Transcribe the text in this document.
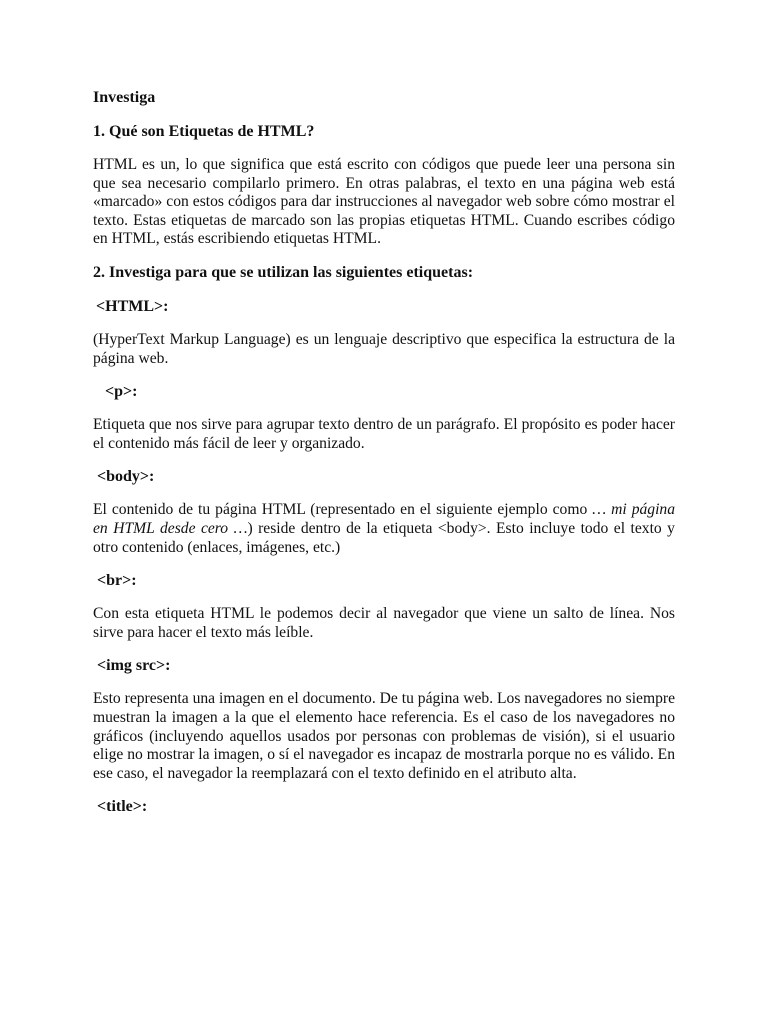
Investiga
1. Qué son Etiquetas de HTML?
HTML es un, lo que significa que está escrito con códigos que puede leer una persona sin que sea necesario compilarlo primero. En otras palabras, el texto en una página web está «marcado» con estos códigos para dar instrucciones al navegador web sobre cómo mostrar el texto. Estas etiquetas de marcado son las propias etiquetas HTML. Cuando escribes código en HTML, estás escribiendo etiquetas HTML.
2. Investiga para que se utilizan las siguientes etiquetas:
<HTML>:
(HyperText Markup Language) es un lenguaje descriptivo que especifica la estructura de la página web.
<p>:
Etiqueta que nos sirve para agrupar texto dentro de un parágrafo. El propósito es poder hacer el contenido más fácil de leer y organizado.
<body>:
El contenido de tu página HTML (representado en el siguiente ejemplo como … mi página en HTML desde cero …) reside dentro de la etiqueta <body>. Esto incluye todo el texto y otro contenido (enlaces, imágenes, etc.)
<br>:
Con esta etiqueta HTML le podemos decir al navegador que viene un salto de línea. Nos sirve para hacer el texto más leíble.
<img src>:
Esto representa una imagen en el documento. De tu página web. Los navegadores no siempre muestran la imagen a la que el elemento hace referencia. Es el caso de los navegadores no gráficos (incluyendo aquellos usados por personas con problemas de visión), si el usuario elige no mostrar la imagen, o sí el navegador es incapaz de mostrarla porque no es válido. En ese caso, el navegador la reemplazará con el texto definido en el atributo alta.
<title>:
